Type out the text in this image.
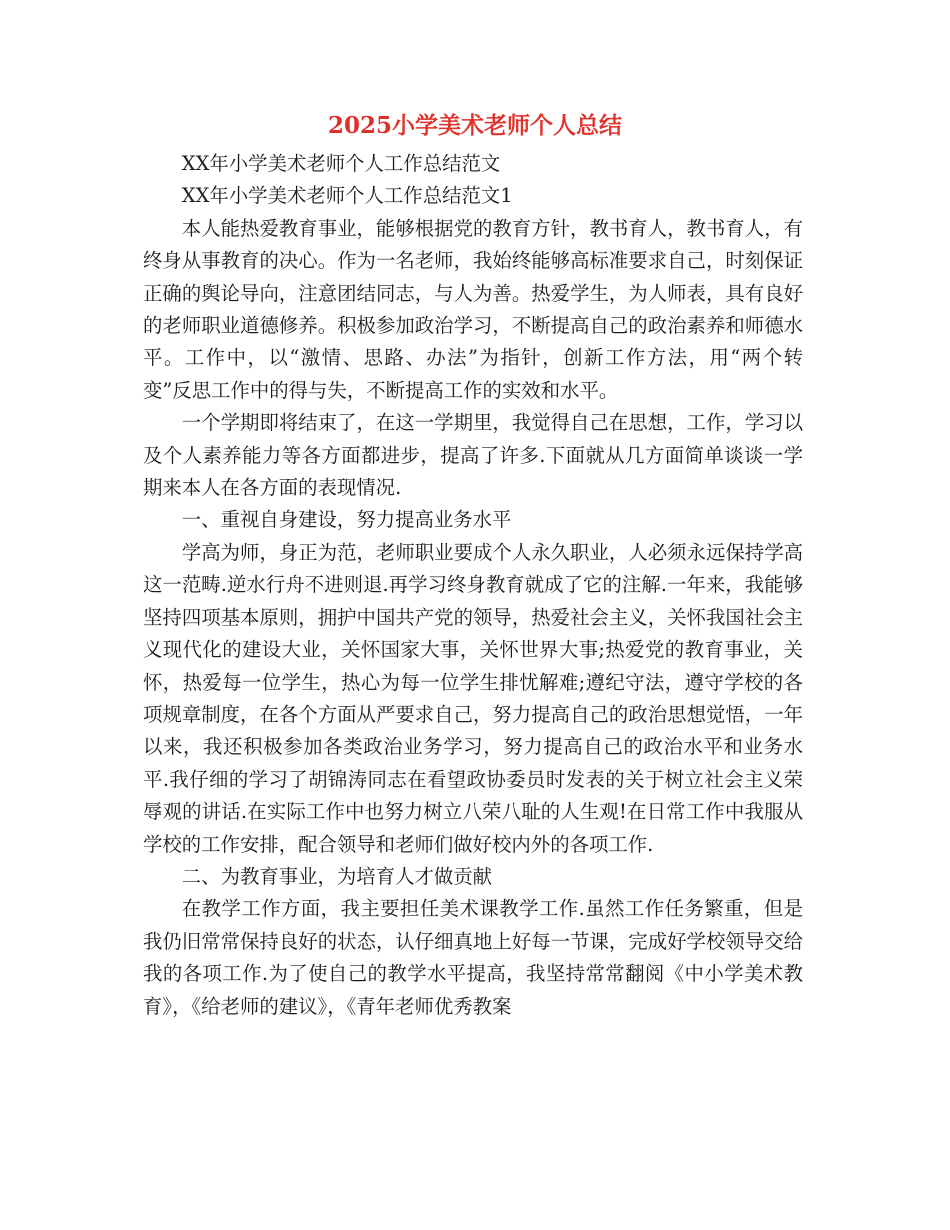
2025小学美术老师个人总结

XX年小学美术老师个人工作总结范文

XX年小学美术老师个人工作总结范文1

本人能热爱教育事业，能够根据党的教育方针，教书育人，教书育人，有终身从事教育的决心。作为一名老师，我始终能够高标准要求自己，时刻保证正确的舆论导向，注意团结同志，与人为善。热爱学生，为人师表，具有良好的老师职业道德修养。积极参加政治学习，不断提高自己的政治素养和师德水平。工作中，以“激情、思路、办法”为指针，创新工作方法，用“两个转变”反思工作中的得与失，不断提高工作的实效和水平。

一个学期即将结束了，在这一学期里，我觉得自己在思想，工作，学习以及个人素养能力等各方面都进步，提高了许多.下面就从几方面简单谈谈一学期来本人在各方面的表现情况.

一、重视自身建设，努力提高业务水平

学高为师，身正为范，老师职业要成个人永久职业，人必须永远保持学高这一范畴.逆水行舟不进则退.再学习终身教育就成了它的注解.一年来，我能够坚持四项基本原则，拥护中国共产党的领导，热爱社会主义，关怀我国社会主义现代化的建设大业，关怀国家大事，关怀世界大事;热爱党的教育事业，关怀，热爱每一位学生，热心为每一位学生排忧解难;遵纪守法，遵守学校的各项规章制度，在各个方面从严要求自己，努力提高自己的政治思想觉悟，一年以来，我还积极参加各类政治业务学习，努力提高自己的政治水平和业务水平.我仔细的学习了胡锦涛同志在看望政协委员时发表的关于树立社会主义荣辱观的讲话.在实际工作中也努力树立八荣八耻的人生观!在日常工作中我服从学校的工作安排，配合领导和老师们做好校内外的各项工作.

二、为教育事业，为培育人才做贡献

在教学工作方面，我主要担任美术课教学工作.虽然工作任务繁重，但是我仍旧常常保持良好的状态，认仔细真地上好每一节课，完成好学校领导交给我的各项工作.为了使自己的教学水平提高，我坚持常常翻阅《中小学美术教育》，《给老师的建议》，《青年老师优秀教案
